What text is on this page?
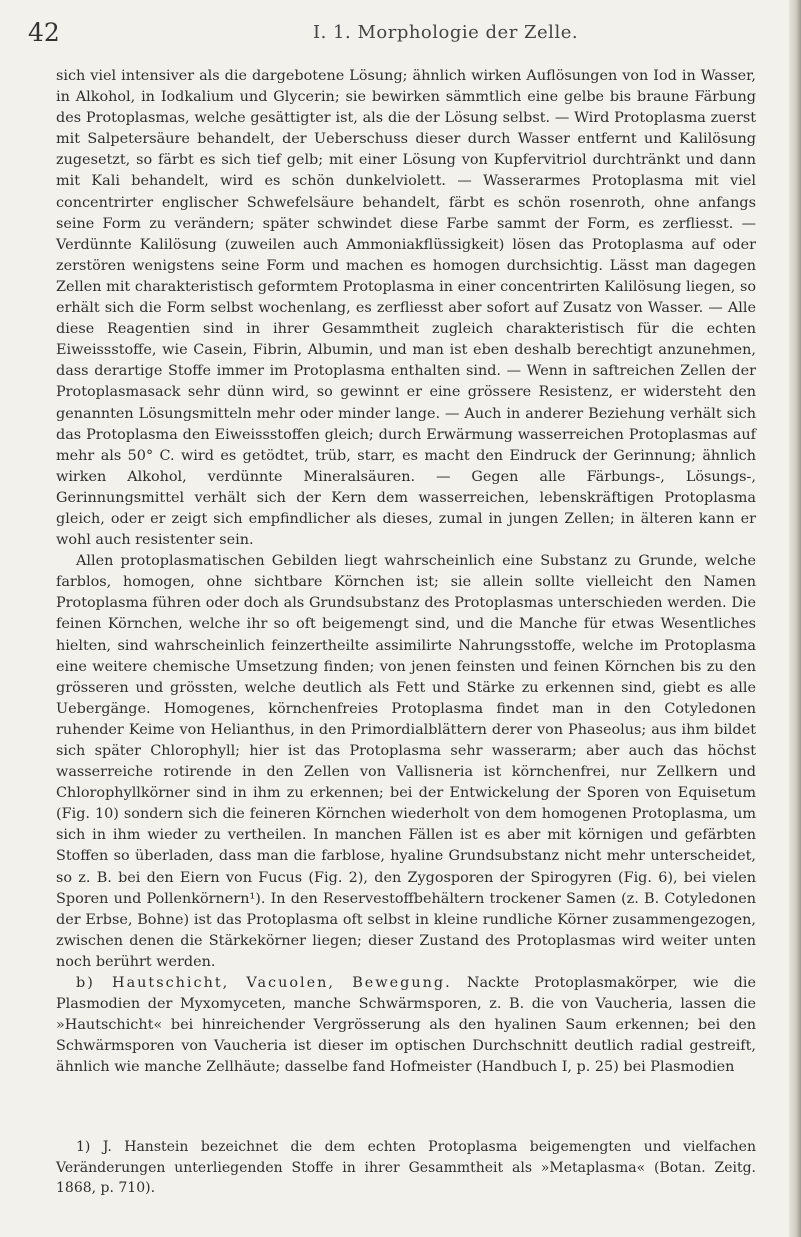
42	I. 1. Morphologie der Zelle.

sich viel intensiver als die dargebotene Lösung; ähnlich wirken Auflösungen von Iod in Wasser, in Alkohol, in Iodkalium und Glycerin; sie bewirken sämmtlich eine gelbe bis braune Färbung des Protoplasmas, welche gesättigter ist, als die der Lösung selbst. — Wird Protoplasma zuerst mit Salpetersäure behandelt, der Ueberschuss dieser durch Wasser entfernt und Kalilösung zugesetzt, so färbt es sich tief gelb; mit einer Lösung von Kupfervitriol durchtränkt und dann mit Kali behandelt, wird es schön dunkelviolett. — Wasserarmes Protoplasma mit viel concentrirter englischer Schwefelsäure behandelt, färbt es schön rosenroth, ohne anfangs seine Form zu verändern; später schwindet diese Farbe sammt der Form, es zerfliesst. — Verdünnte Kalilösung (zuweilen auch Ammoniakflüssigkeit) lösen das Protoplasma auf oder zerstören wenigstens seine Form und machen es homogen durchsichtig. Lässt man dagegen Zellen mit charakteristisch geformtem Protoplasma in einer concentrirten Kalilösung liegen, so erhält sich die Form selbst wochenlang, es zerfliesst aber sofort auf Zusatz von Wasser. — Alle diese Reagentien sind in ihrer Gesammtheit zugleich charakteristisch für die echten Eiweissstoffe, wie Casein, Fibrin, Albumin, und man ist eben deshalb berechtigt anzunehmen, dass derartige Stoffe immer im Protoplasma enthalten sind. — Wenn in saftreichen Zellen der Protoplasmasack sehr dünn wird, so gewinnt er eine grössere Resistenz, er widersteht den genannten Lösungsmitteln mehr oder minder lange. — Auch in anderer Beziehung verhält sich das Protoplasma den Eiweissstoffen gleich; durch Erwärmung wasserreichen Protoplasmas auf mehr als 50° C. wird es getödtet, trüb, starr, es macht den Eindruck der Gerinnung; ähnlich wirken Alkohol, verdünnte Mineralsäuren. — Gegen alle Färbungs-, Lösungs-, Gerinnungsmittel verhält sich der Kern dem wasserreichen, lebenskräftigen Protoplasma gleich, oder er zeigt sich empfindlicher als dieses, zumal in jungen Zellen; in älteren kann er wohl auch resistenter sein.

Allen protoplasmatischen Gebilden liegt wahrscheinlich eine Substanz zu Grunde, welche farblos, homogen, ohne sichtbare Körnchen ist; sie allein sollte vielleicht den Namen Protoplasma führen oder doch als Grundsubstanz des Protoplasmas unterschieden werden. Die feinen Körnchen, welche ihr so oft beigemengt sind, und die Manche für etwas Wesentliches hielten, sind wahrscheinlich feinzertheilte assimilirte Nahrungsstoffe, welche im Protoplasma eine weitere chemische Umsetzung finden; von jenen feinsten und feinen Körnchen bis zu den grösseren und grössten, welche deutlich als Fett und Stärke zu erkennen sind, giebt es alle Uebergänge. Homogenes, körnchenfreies Protoplasma findet man in den Cotyledonen ruhender Keime von Helianthus, in den Primordialblättern derer von Phaseolus; aus ihm bildet sich später Chlorophyll; hier ist das Protoplasma sehr wasserarm; aber auch das höchst wasserreiche rotirende in den Zellen von Vallisneria ist körnchenfrei, nur Zellkern und Chlorophyllkörner sind in ihm zu erkennen; bei der Entwickelung der Sporen von Equisetum (Fig. 10) sondern sich die feineren Körnchen wiederholt von dem homogenen Protoplasma, um sich in ihm wieder zu vertheilen. In manchen Fällen ist es aber mit körnigen und gefärbten Stoffen so überladen, dass man die farblose, hyaline Grundsubstanz nicht mehr unterscheidet, so z. B. bei den Eiern von Fucus (Fig. 2), den Zygosporen der Spirogyren (Fig. 6), bei vielen Sporen und Pollenkörnern¹). In den Reservestoffbehältern trockener Samen (z. B. Cotyledonen der Erbse, Bohne) ist das Protoplasma oft selbst in kleine rundliche Körner zusammengezogen, zwischen denen die Stärkekörner liegen; dieser Zustand des Protoplasmas wird weiter unten noch berührt werden.

b) Hautschicht, Vacuolen, Bewegung. Nackte Protoplasmakörper, wie die Plasmodien der Myxomyceten, manche Schwärmsporen, z. B. die von Vaucheria, lassen die »Hautschicht« bei hinreichender Vergrösserung als den hyalinen Saum erkennen; bei den Schwärmsporen von Vaucheria ist dieser im optischen Durchschnitt deutlich radial gestreift, ähnlich wie manche Zellhäute; dasselbe fand Hofmeister (Handbuch I, p. 25) bei Plasmodien

1) J. Hanstein bezeichnet die dem echten Protoplasma beigemengten und vielfachen Veränderungen unterliegenden Stoffe in ihrer Gesammtheit als »Metaplasma« (Botan. Zeitg. 1868, p. 710).
